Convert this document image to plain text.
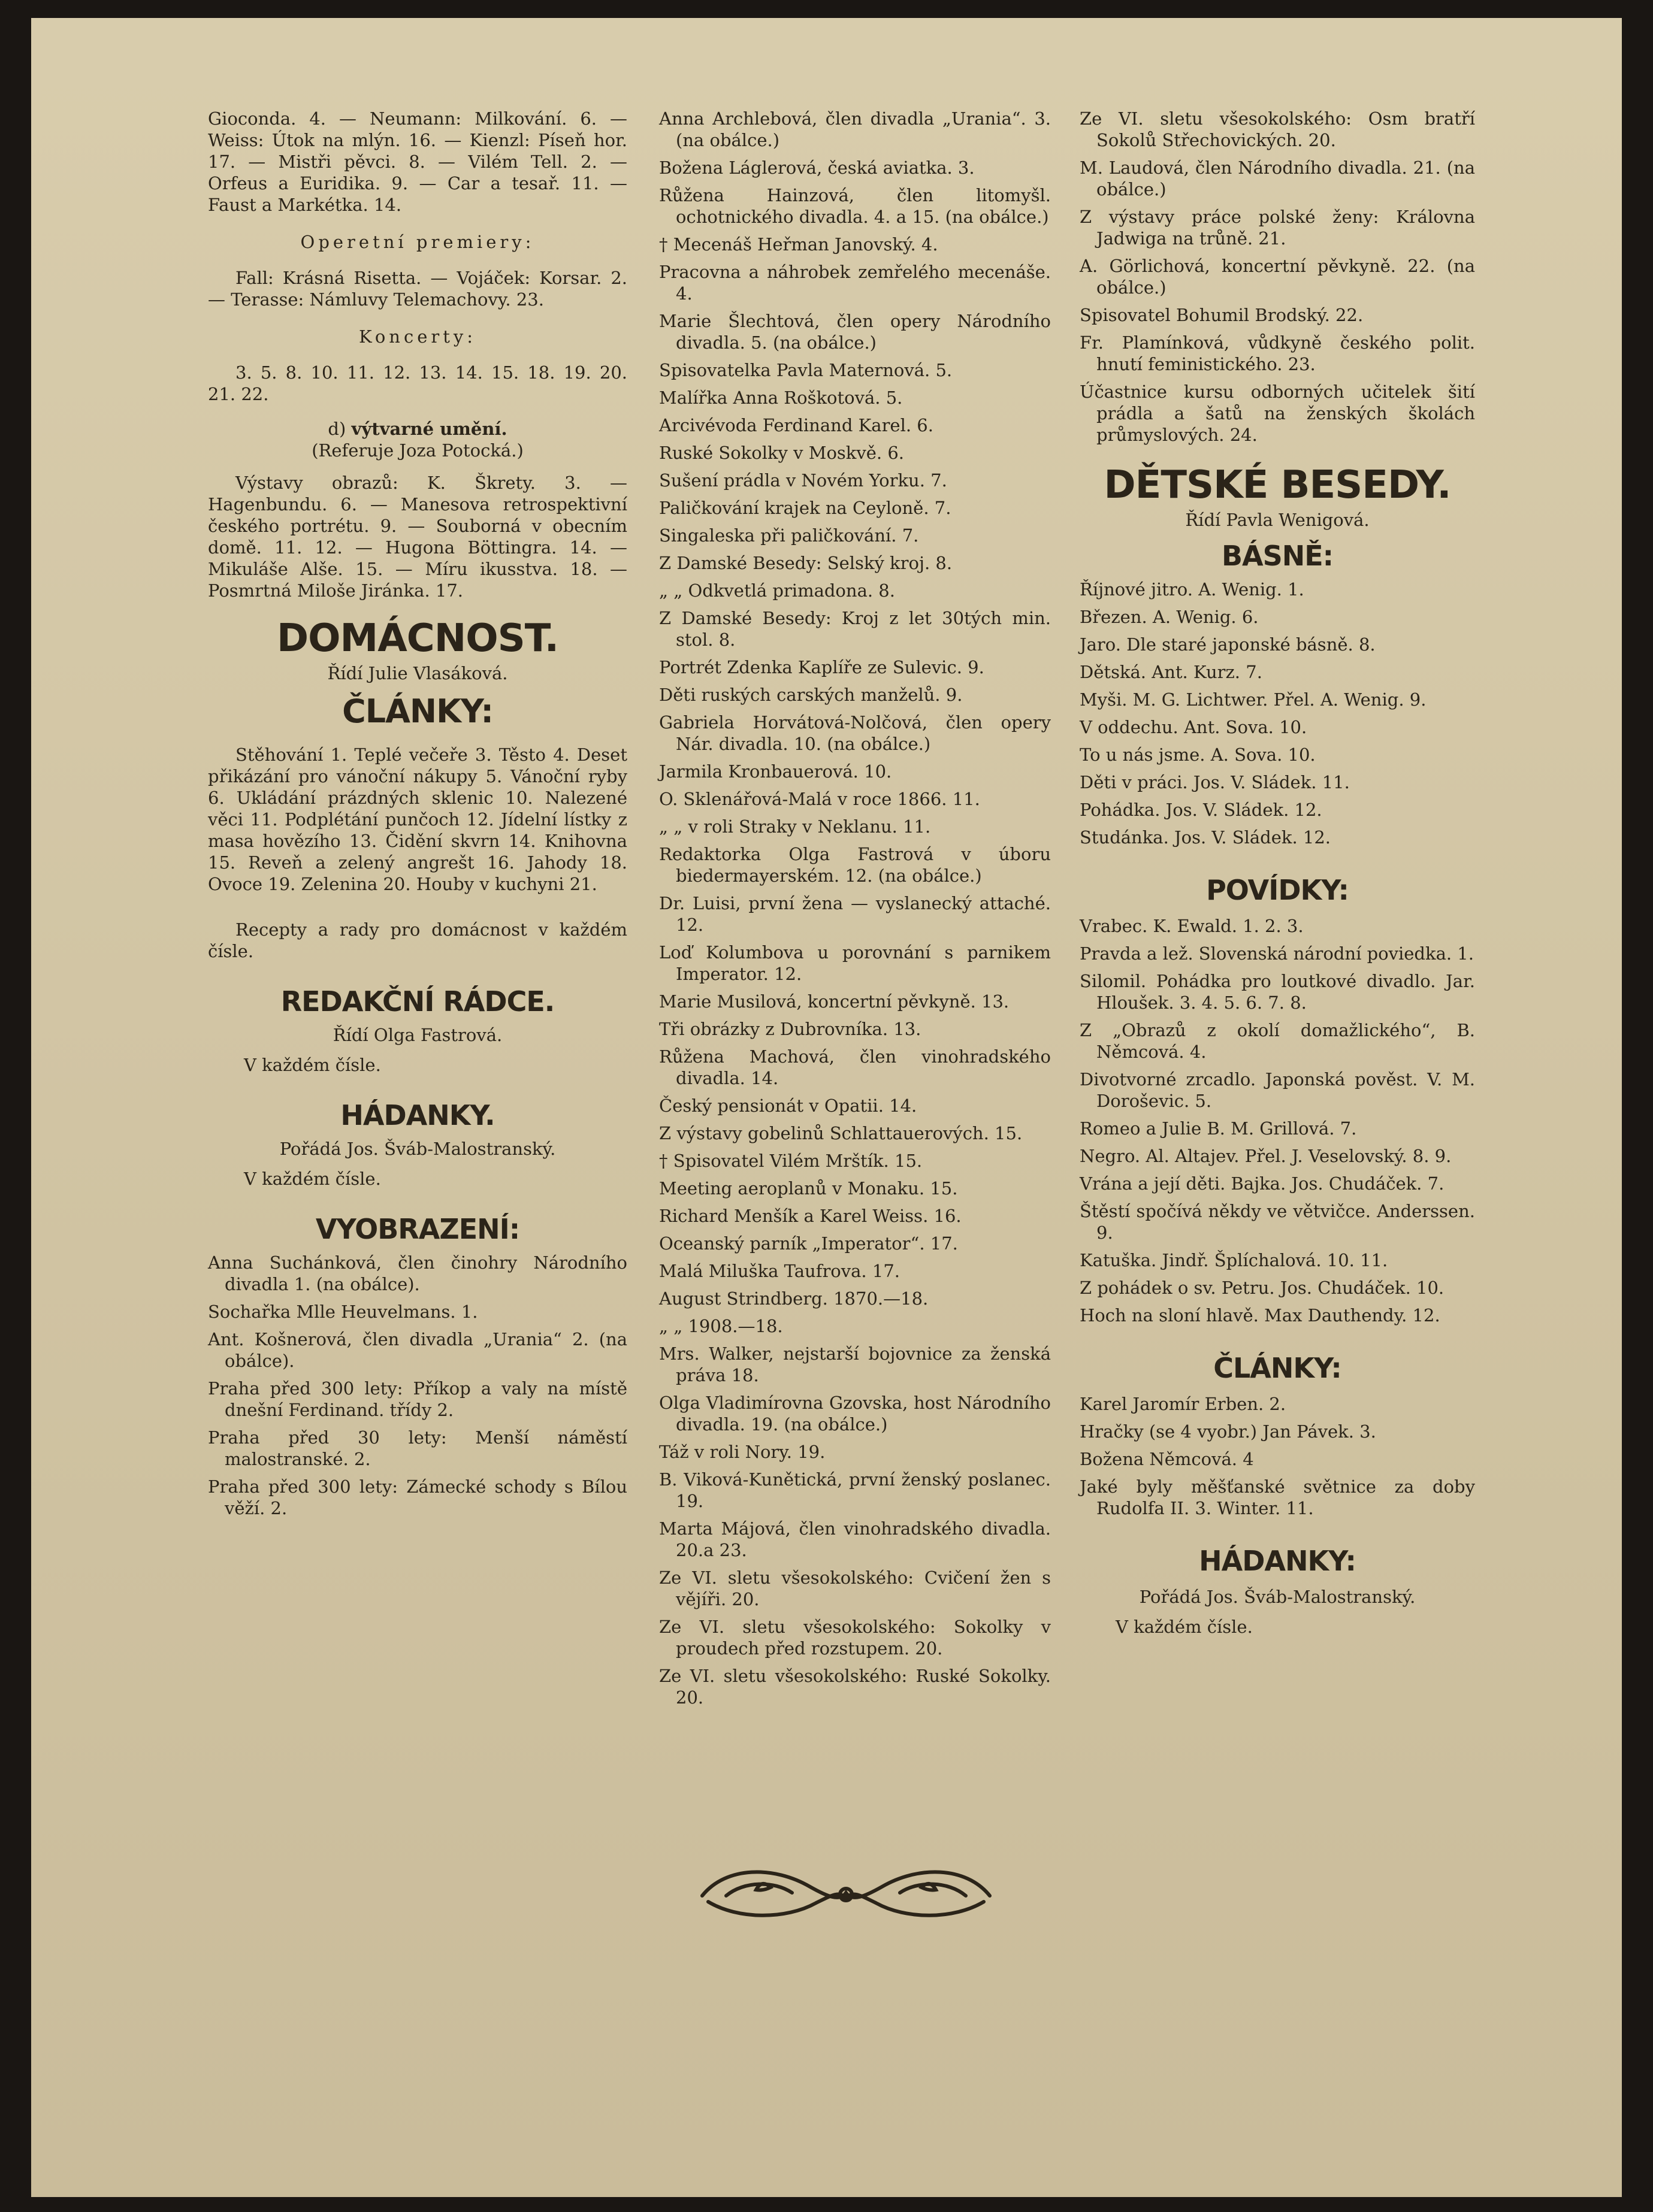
Gioconda. 4. — Neumann: Milkování. 6. — Weiss: Útok na mlýn. 16. — Kienzl: Píseň hor. 17. — Mistři pěvci. 8. — Vilém Tell. 2. — Orfeus a Euridika. 9. — Car a tesař. 11. — Faust a Markétka. 14.

Operetní premiery:

Fall: Krásná Risetta. — Vojáček: Korsar. 2. — Terasse: Námluvy Telemachovy. 23.

Koncerty:

3. 5. 8. 10. 11. 12. 13. 14. 15. 18. 19. 20. 21. 22.

d) výtvarné umění.

(Referuje Joza Potocká.)

Výstavy obrazů: K. Škrety. 3. — Hagenbundu. 6. — Manesova retrospektivní českého portrétu. 9. — Souborná v obecním domě. 11. 12. — Hugona Böttingra. 14. — Mikuláše Alše. 15. — Míru ikusstva. 18. — Posmrtná Miloše Jiránka. 17.

DOMÁCNOST.

Řídí Julie Vlasáková.

ČLÁNKY:

Stěhování 1. Teplé večeře 3. Těsto 4. Deset přikázání pro vánoční nákupy 5. Vánoční ryby 6. Ukládání prázdných sklenic 10. Nalezené věci 11. Podplétání punčoch 12. Jídelní lístky z masa hovězího 13. Čidění skvrn 14. Knihovna 15. Reveň a zelený angrešt 16. Jahody 18. Ovoce 19. Zelenina 20. Houby v kuchyni 21.

Recepty a rady pro domácnost v každém čísle.

REDAKČNÍ RÁDCE.

Řídí Olga Fastrová.

V každém čísle.

HÁDANKY.

Pořádá Jos. Šváb-Malostranský.

V každém čísle.

VYOBRAZENÍ:

Anna Suchánková, člen činohry Národního divadla 1. (na obálce).

Sochařka Mlle Heuvelmans. 1.

Ant. Košnerová, člen divadla „Urania“ 2. (na obálce).

Praha před 300 lety: Příkop a valy na místě dnešní Ferdinand. třídy 2.

Praha před 30 lety: Menší náměstí malostranské. 2.

Praha před 300 lety: Zámecké schody s Bílou věží. 2.

Anna Archlebová, člen divadla „Urania“. 3. (na obálce.)

Božena Láglerová, česká aviatka. 3.

Růžena Hainzová, člen litomyšl. ochotnického divadla. 4. a 15. (na obálce.)

† Mecenáš Heřman Janovský. 4.

Pracovna a náhrobek zemřelého mecenáše. 4.

Marie Šlechtová, člen opery Národního divadla. 5. (na obálce.)

Spisovatelka Pavla Maternová. 5.

Malířka Anna Roškotová. 5.

Arcivévoda Ferdinand Karel. 6.

Ruské Sokolky v Moskvě. 6.

Sušení prádla v Novém Yorku. 7.

Paličkování krajek na Ceyloně. 7.

Singaleska při paličkování. 7.

Z Damské Besedy: Selský kroj. 8.

„ „ Odkvetlá primadona. 8.

Z Damské Besedy: Kroj z let 30tých min. stol. 8.

Portrét Zdenka Kaplíře ze Sulevic. 9.

Děti ruských carských manželů. 9.

Gabriela Horvátová-Nolčová, člen opery Nár. divadla. 10. (na obálce.)

Jarmila Kronbauerová. 10.

O. Sklenářová-Malá v roce 1866. 11.

„ „ v roli Straky v Neklanu. 11.

Redaktorka Olga Fastrová v úboru biedermayerském. 12. (na obálce.)

Dr. Luisi, první žena — vyslanecký attaché. 12.

Loď Kolumbova u porovnání s parnikem Imperator. 12.

Marie Musilová, koncertní pěvkyně. 13.

Tři obrázky z Dubrovníka. 13.

Růžena Machová, člen vinohradského divadla. 14.

Český pensionát v Opatii. 14.

Z výstavy gobelinů Schlattauerových. 15.

† Spisovatel Vilém Mrštík. 15.

Meeting aeroplanů v Monaku. 15.

Richard Menšík a Karel Weiss. 16.

Oceanský parník „Imperator“. 17.

Malá Miluška Taufrova. 17.

August Strindberg. 1870.—18.

„ „ 1908.—18.

Mrs. Walker, nejstarší bojovnice za ženská práva 18.

Olga Vladimírovna Gzovska, host Národního divadla. 19. (na obálce.)

Táž v roli Nory. 19.

B. Viková-Kunětická, první ženský poslanec. 19.

Marta Májová, člen vinohradského divadla. 20.a 23.

Ze VI. sletu všesokolského: Cvičení žen s vějíři. 20.

Ze VI. sletu všesokolského: Sokolky v proudech před rozstupem. 20.

Ze VI. sletu všesokolského: Ruské Sokolky. 20.

Ze VI. sletu všesokolského: Osm bratří Sokolů Střechovických. 20.

M. Laudová, člen Národního divadla. 21. (na obálce.)

Z výstavy práce polské ženy: Královna Jadwiga na trůně. 21.

A. Görlichová, koncertní pěvkyně. 22. (na obálce.)

Spisovatel Bohumil Brodský. 22.

Fr. Plamínková, vůdkyně českého polit. hnutí feministického. 23.

Účastnice kursu odborných učitelek šití prádla a šatů na ženských školách průmyslových. 24.

DĚTSKÉ BESEDY.

Řídí Pavla Wenigová.

BÁSNĚ:

Říjnové jitro. A. Wenig. 1.

Březen. A. Wenig. 6.

Jaro. Dle staré japonské básně. 8.

Dětská. Ant. Kurz. 7.

Myši. M. G. Lichtwer. Přel. A. Wenig. 9.

V oddechu. Ant. Sova. 10.

To u nás jsme. A. Sova. 10.

Děti v práci. Jos. V. Sládek. 11.

Pohádka. Jos. V. Sládek. 12.

Studánka. Jos. V. Sládek. 12.

POVÍDKY:

Vrabec. K. Ewald. 1. 2. 3.

Pravda a lež. Slovenská národní poviedka. 1.

Silomil. Pohádka pro loutkové divadlo. Jar. Hloušek. 3. 4. 5. 6. 7. 8.

Z „Obrazů z okolí domažlického“, B. Němcová. 4.

Divotvorné zrcadlo. Japonská pověst. V. M. Doroševic. 5.

Romeo a Julie B. M. Grillová. 7.

Negro. Al. Altajev. Přel. J. Veselovský. 8. 9.

Vrána a její děti. Bajka. Jos. Chudáček. 7.

Štěstí spočívá někdy ve větvičce. Anderssen. 9.

Katuška. Jindř. Šplíchalová. 10. 11.

Z pohádek o sv. Petru. Jos. Chudáček. 10.

Hoch na sloní hlavě. Max Dauthendy. 12.

ČLÁNKY:

Karel Jaromír Erben. 2.

Hračky (se 4 vyobr.) Jan Pávek. 3.

Božena Němcová. 4

Jaké byly měšťanské světnice za doby Rudolfa II. 3. Winter. 11.

HÁDANKY:

Pořádá Jos. Šváb-Malostranský.

V každém čísle.
